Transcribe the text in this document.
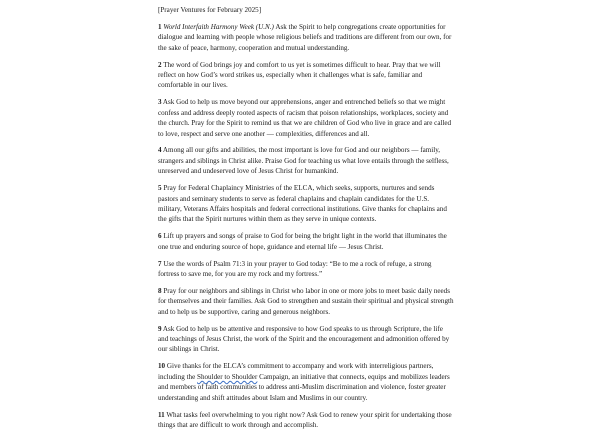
[Prayer Ventures for February 2025]

1 World Interfaith Harmony Week (U.N.) Ask the Spirit to help congregations create opportunities for dialogue and learning with people whose religious beliefs and traditions are different from our own, for the sake of peace, harmony, cooperation and mutual understanding.

2 The word of God brings joy and comfort to us yet is sometimes difficult to hear. Pray that we will reflect on how God’s word strikes us, especially when it challenges what is safe, familiar and comfortable in our lives.

3 Ask God to help us move beyond our apprehensions, anger and entrenched beliefs so that we might confess and address deeply rooted aspects of racism that poison relationships, workplaces, society and the church. Pray for the Spirit to remind us that we are children of God who live in grace and are called to love, respect and serve one another — complexities, differences and all.

4 Among all our gifts and abilities, the most important is love for God and our neighbors — family, strangers and siblings in Christ alike. Praise God for teaching us what love entails through the selfless, unreserved and undeserved love of Jesus Christ for humankind.

5 Pray for Federal Chaplaincy Ministries of the ELCA, which seeks, supports, nurtures and sends pastors and seminary students to serve as federal chaplains and chaplain candidates for the U.S. military, Veterans Affairs hospitals and federal correctional institutions. Give thanks for chaplains and the gifts that the Spirit nurtures within them as they serve in unique contexts.

6 Lift up prayers and songs of praise to God for being the bright light in the world that illuminates the one true and enduring source of hope, guidance and eternal life — Jesus Christ.

7 Use the words of Psalm 71:3 in your prayer to God today: “Be to me a rock of refuge, a strong fortress to save me, for you are my rock and my fortress.”

8 Pray for our neighbors and siblings in Christ who labor in one or more jobs to meet basic daily needs for themselves and their families. Ask God to strengthen and sustain their spiritual and physical strength and to help us be supportive, caring and generous neighbors.

9 Ask God to help us be attentive and responsive to how God speaks to us through Scripture, the life and teachings of Jesus Christ, the work of the Spirit and the encouragement and admonition offered by our siblings in Christ.

10 Give thanks for the ELCA’s commitment to accompany and work with interreligious partners, including the Shoulder to Shoulder Campaign, an initiative that connects, equips and mobilizes leaders and members of faith communities to address anti-Muslim discrimination and violence, foster greater understanding and shift attitudes about Islam and Muslims in our country.

11 What tasks feel overwhelming to you right now? Ask God to renew your spirit for undertaking those things that are difficult to work through and accomplish.
